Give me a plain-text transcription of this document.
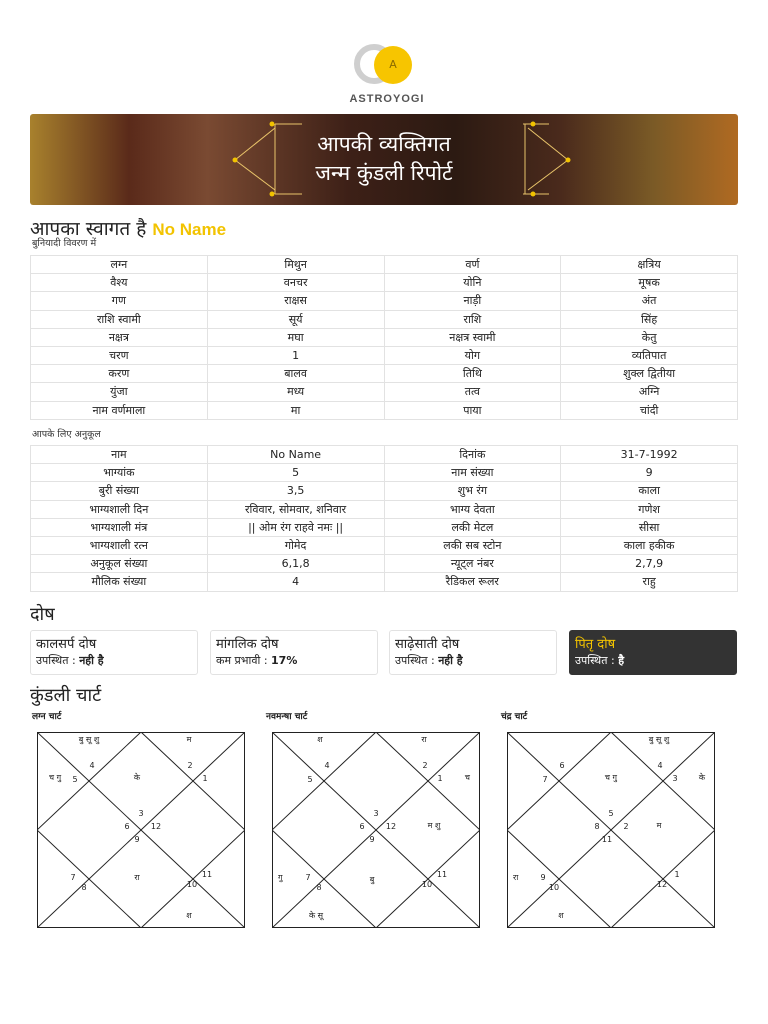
A
ASTROYOGI
आपकी व्यक्तिगत
जन्म कुंडली रिपोर्ट
आपका स्वागत है No Name
बुनियादी विवरण में
लग्न	मिथुन	वर्ण	क्षत्रिय
वैश्य	वनचर	योनि	मूषक
गण	राक्षस	नाड़ी	अंत
राशि स्वामी	सूर्य	राशि	सिंह
नक्षत्र	मघा	नक्षत्र स्वामी	केतु
चरण	1	योग	व्यतिपात
करण	बालव	तिथि	शुक्ल द्वितीया
युंजा	मध्य	तत्व	अग्नि
नाम वर्णमाला	मा	पाया	चांदी
आपके लिए अनुकूल
नाम	No Name	दिनांक	31-7-1992
भाग्यांक	5	नाम संख्या	9
बुरी संख्या	3,5	शुभ रंग	काला
भाग्यशाली दिन	रविवार, सोमवार, शनिवार	भाग्य देवता	गणेश
भाग्यशाली मंत्र	|| ओम रंग राहवे नमः ||	लकी मेटल	सीसा
भाग्यशाली रत्न	गोमेद	लकी सब स्टोन	काला हकीक
अनुकूल संख्या	6,1,8	न्यूट्ल नंबर	2,7,9
मौलिक संख्या	4	रैडिकल रूलर	राहु
दोष
कालसर्प दोष
उपस्थित : नही है
मांगलिक दोष
कम प्रभावी : 17%
साढ़ेसाती दोष
उपस्थित : नही है
पितृ दोष
उपस्थित : है
कुंडली चार्ट
लग्न चार्ट	नवमन्षा चार्ट	चंद्र चार्ट
4
5
2
1
3
6	12
9
7
8	10
11
बु सू शु
च गु
म
के
रा
श
4
5
2
1
3
6	12
9
7
8	10
11
श	रा
च
म शु
गु
के सू
बु
6
7
4
3
5
8	2
11
9
10	12
1
बु सू शु
के
च गु
म
रा
श
